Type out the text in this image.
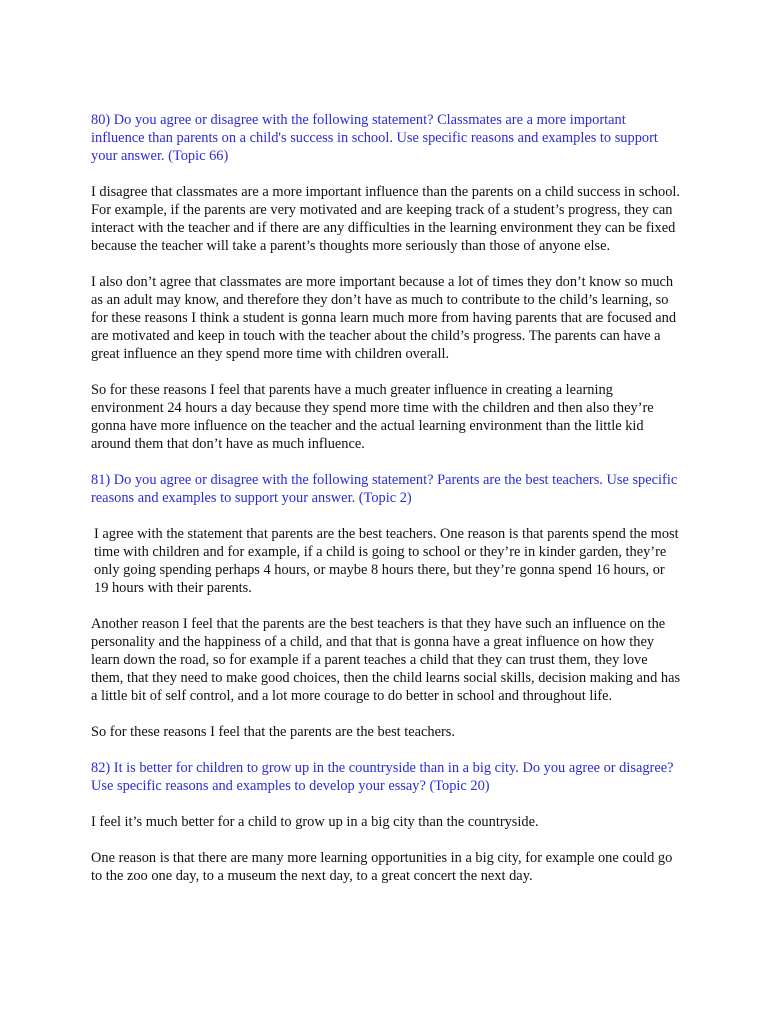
80) Do you agree or disagree with the following statement? Classmates are a more important influence than parents on a child's success in school. Use specific reasons and examples to support your answer. (Topic 66)

I disagree that classmates are a more important influence than the parents on a child success in school. For example, if the parents are very motivated and are keeping track of a student’s progress, they can interact with the teacher and if there are any difficulties in the learning environment they can be fixed because the teacher will take a parent’s thoughts more seriously than those of anyone else.

I also don’t agree that classmates are more important because a lot of times they don’t know so much as an adult may know, and therefore they don’t have as much to contribute to the child’s learning, so for these reasons I think a student is gonna learn much more from having parents that are focused and are motivated and keep in touch with the teacher about the child’s progress. The parents can have a great influence an they spend more time with children overall.

So for these reasons I feel that parents have a much greater influence in creating a learning environment 24 hours a day because they spend more time with the children and then also they’re gonna have more influence on the teacher and the actual learning environment than the little kid around them that don’t have as much influence.

81) Do you agree or disagree with the following statement? Parents are the best teachers. Use specific reasons and examples to support your answer. (Topic 2)

I agree with the statement that parents are the best teachers. One reason is that parents spend the most time with children and for example, if a child is going to school or they’re in kinder garden, they’re only going spending perhaps 4 hours, or maybe 8 hours there, but they’re gonna spend 16 hours, or 19 hours with their parents.

Another reason I feel that the parents are the best teachers is that they have such an influence on the personality and the happiness of a child, and that that is gonna have a great influence on how they learn down the road, so for example if a parent teaches a child that they can trust them, they love them, that they need to make good choices, then the child learns social skills, decision making and has a little bit of self control, and a lot more courage to do better in school and throughout life.

So for these reasons I feel that the parents are the best teachers.

82) It is better for children to grow up in the countryside than in a big city. Do you agree or disagree? Use specific reasons and examples to develop your essay? (Topic 20)

I feel it’s much better for a child to grow up in a big city than the countryside.

One reason is that there are many more learning opportunities in a big city, for example one could go to the zoo one day, to a museum the next day, to a great concert the next day.
